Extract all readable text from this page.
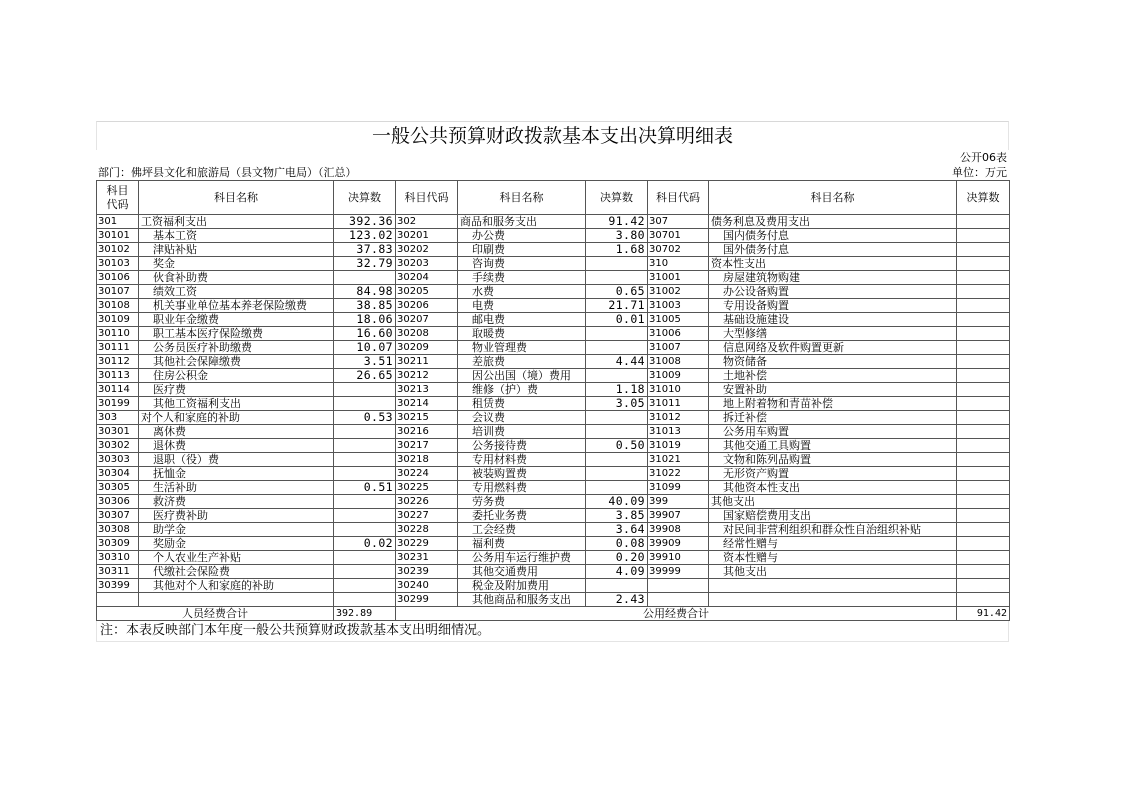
一般公共预算财政拨款基本支出决算明细表
公开06表
部门：佛坪县文化和旅游局（县文物广电局）（汇总）	单位：万元
科目代码	科目名称	决算数	科目代码	科目名称	决算数	科目代码	科目名称	决算数
301	工资福利支出	392.36	302	商品和服务支出	91.42	307	债务利息及费用支出	
30101	基本工资	123.02	30201	办公费	3.80	30701	国内债务付息	
30102	津贴补贴	37.83	30202	印刷费	1.68	30702	国外债务付息	
30103	奖金	32.79	30203	咨询费		310	资本性支出	
30106	伙食补助费		30204	手续费		31001	房屋建筑物购建	
30107	绩效工资	84.98	30205	水费	0.65	31002	办公设备购置	
30108	机关事业单位基本养老保险缴费	38.85	30206	电费	21.71	31003	专用设备购置	
30109	职业年金缴费	18.06	30207	邮电费	0.01	31005	基础设施建设	
30110	职工基本医疗保险缴费	16.60	30208	取暖费		31006	大型修缮	
30111	公务员医疗补助缴费	10.07	30209	物业管理费		31007	信息网络及软件购置更新	
30112	其他社会保障缴费	3.51	30211	差旅费	4.44	31008	物资储备	
30113	住房公积金	26.65	30212	因公出国（境）费用		31009	土地补偿	
30114	医疗费		30213	维修（护）费	1.18	31010	安置补助	
30199	其他工资福利支出		30214	租赁费	3.05	31011	地上附着物和青苗补偿	
303	对个人和家庭的补助	0.53	30215	会议费		31012	拆迁补偿	
30301	离休费		30216	培训费		31013	公务用车购置	
30302	退休费		30217	公务接待费	0.50	31019	其他交通工具购置	
30303	退职（役）费		30218	专用材料费		31021	文物和陈列品购置	
30304	抚恤金		30224	被装购置费		31022	无形资产购置	
30305	生活补助	0.51	30225	专用燃料费		31099	其他资本性支出	
30306	救济费		30226	劳务费	40.09	399	其他支出	
30307	医疗费补助		30227	委托业务费	3.85	39907	国家赔偿费用支出	
30308	助学金		30228	工会经费	3.64	39908	对民间非营利组织和群众性自治组织补贴	
30309	奖励金	0.02	30229	福利费	0.08	39909	经常性赠与	
30310	个人农业生产补贴		30231	公务用车运行维护费	0.20	39910	资本性赠与	
30311	代缴社会保险费		30239	其他交通费用	4.09	39999	其他支出	
30399	其他对个人和家庭的补助		30240	税金及附加费用				
			30299	其他商品和服务支出	2.43			
人员经费合计		392.89	公用经费合计					91.42
注：本表反映部门本年度一般公共预算财政拨款基本支出明细情况。
